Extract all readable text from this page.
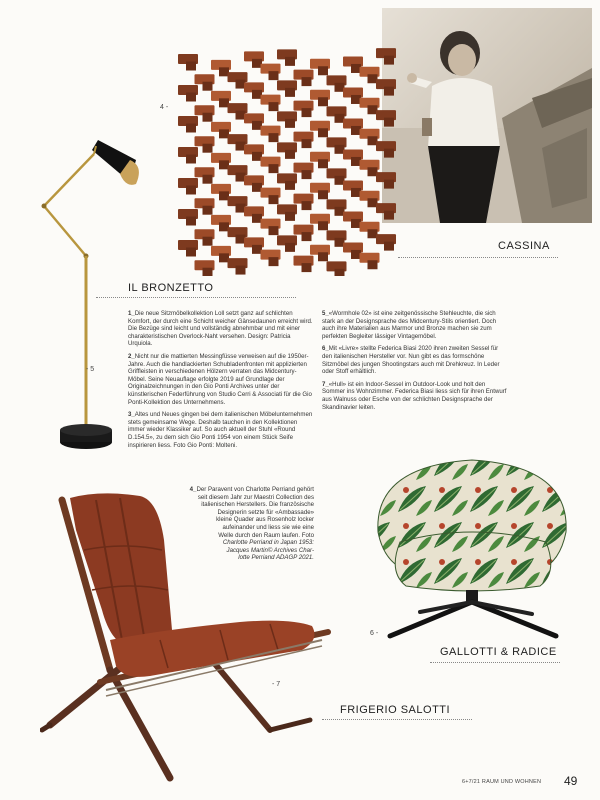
4 -
- 5
CASSINA
IL BRONZETTO

1_Die neue Sitzmöbelkollektion Loll setzt ganz auf schlichten Komfort, der durch eine Schicht weicher Gänsedaunen erreicht wird. Die Bezüge sind leicht und vollständig abnehmbar und mit einer charakteristischen Overlock-Naht versehen. Design: Patricia Urquiola.

2_Nicht nur die mattierten Messingfüsse verweisen auf die 1950er-Jahre. Auch die handlackierten Schubladenfronten mit applizierten Griffleisten in verschiedenen Hölzern verraten das Midcentury-Möbel. Seine Neuauflage erfolgte 2019 auf Grundlage der Originalzeichnungen in den Gio Ponti Archives unter der künstlerischen Federführung von Studio Cerri & Associati für die Gio Ponti-Kollektion des Unternehmens.

3_Altes und Neues gingen bei dem italienischen Möbelunternehmen stets gemeinsame Wege. Deshalb tauchen in den Kollektionen immer wieder Klassiker auf. So auch aktuell der Stuhl «Round D.154.5», zu dem sich Gio Ponti 1954 von einem Stück Seife inspirieren liess. Foto Gio Ponti: Molteni.

5_«Wormhole 02» ist eine zeitgenössische Stehleuchte, die sich stark an der Designsprache des Midcentury-Stils orientiert. Doch auch ihre Materialien aus Marmor und Bronze machen sie zum perfekten Begleiter lässiger Vintagemöbel.

6_Mit «Livre» stellte Federica Biasi 2020 ihren zweiten Sessel für den italienischen Hersteller vor. Nun gibt es das formschöne Sitzmöbel des jungen Shootingstars auch mit Drehkreuz. In Leder oder Stoff erhältlich.

7_«Hull» ist ein Indoor-Sessel im Outdoor-Look und holt den Sommer ins Wohnzimmer. Federica Biasi liess sich für ihren Entwurf aus Walnuss oder Esche von der schlichten Designsprache der Skandinavier leiten.

4_Der Paravent von Charlotte Perriand gehört
seit diesem Jahr zur Maestri Collection des
italienischen Herstellers. Die französische
Designerin setzte für «Ambassade»
kleine Quader aus Rosenholz locker
aufeinander und liess sie wie eine
Welle durch den Raum laufen. Foto
Charlotte Perriand in Japan 1953:
Jacques Martin© Archives Char-
lotte Perriand ADAGP 2021.
- 7
6 -
GALLOTTI & RADICE
FRIGERIO SALOTTI
6+7/21 RAUM UND WOHNEN 49
